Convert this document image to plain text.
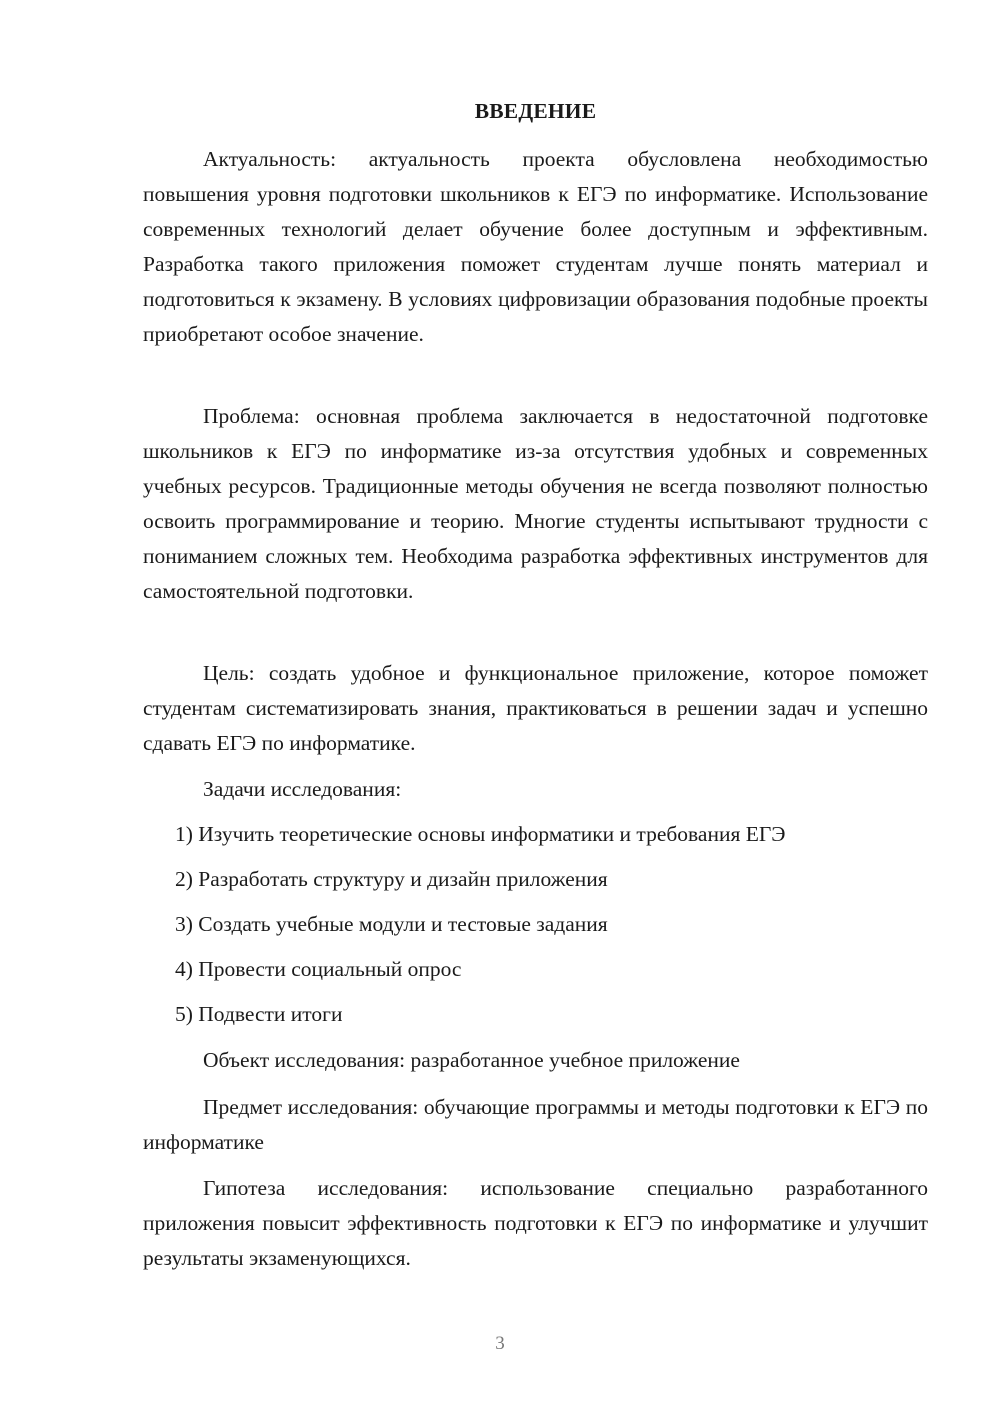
ВВЕДЕНИЕ

Актуальность: актуальность проекта обусловлена необходимостью повышения уровня подготовки школьников к ЕГЭ по информатике. Использование современных технологий делает обучение более доступным и эффективным. Разработка такого приложения поможет студентам лучше понять материал и подготовиться к экзамену. В условиях цифровизации образования подобные проекты приобретают особое значение.

Проблема: основная проблема заключается в недостаточной подготовке школьников к ЕГЭ по информатике из-за отсутствия удобных и современных учебных ресурсов. Традиционные методы обучения не всегда позволяют полностью освоить программирование и теорию. Многие студенты испытывают трудности с пониманием сложных тем. Необходима разработка эффективных инструментов для самостоятельной подготовки.

Цель: создать удобное и функциональное приложение, которое поможет студентам систематизировать знания, практиковаться в решении задач и успешно сдавать ЕГЭ по информатике.

Задачи исследования:

1) Изучить теоретические основы информатики и требования ЕГЭ
2) Разработать структуру и дизайн приложения
3) Создать учебные модули и тестовые задания
4) Провести социальный опрос
5) Подвести итоги

Объект исследования: разработанное учебное приложение

Предмет исследования: обучающие программы и методы подготовки к ЕГЭ по информатике

Гипотеза исследования: использование специально разработанного приложения повысит эффективность подготовки к ЕГЭ по информатике и улучшит результаты экзаменующихся.

3
